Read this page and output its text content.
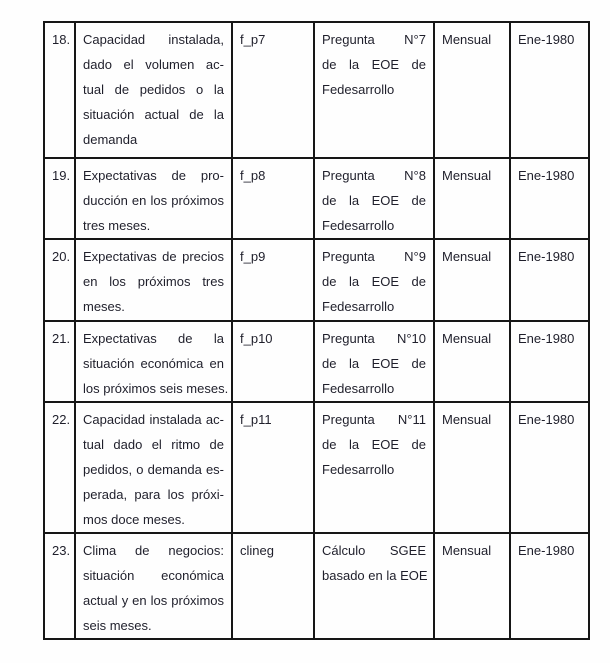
18.	Capacidad instalada,
dado el volumen ac-
tual de pedidos o la
situación actual de la
demanda
	f_p7	Pregunta N°7
de la EOE de
Fedesarrollo
	Mensual	Ene-1980
19.	Expectativas de pro-
ducción en los próximos
tres meses.
	f_p8	Pregunta N°8
de la EOE de
Fedesarrollo
	Mensual	Ene-1980
20.	Expectativas de precios
en los próximos tres
meses.
	f_p9	Pregunta N°9
de la EOE de
Fedesarrollo
	Mensual	Ene-1980
21.	Expectativas de la
situación económica en
los próximos seis meses.
	f_p10	Pregunta N°10
de la EOE de
Fedesarrollo
	Mensual	Ene-1980
22.	Capacidad instalada ac-
tual dado el ritmo de
pedidos, o demanda es-
perada, para los próxi-
mos doce meses.
	f_p11	Pregunta N°11
de la EOE de
Fedesarrollo
	Mensual	Ene-1980
23.	Clima de negocios:
situación económica
actual y en los próximos
seis meses.
	clineg	Cálculo SGEE
basado en la EOE
	Mensual	Ene-1980
